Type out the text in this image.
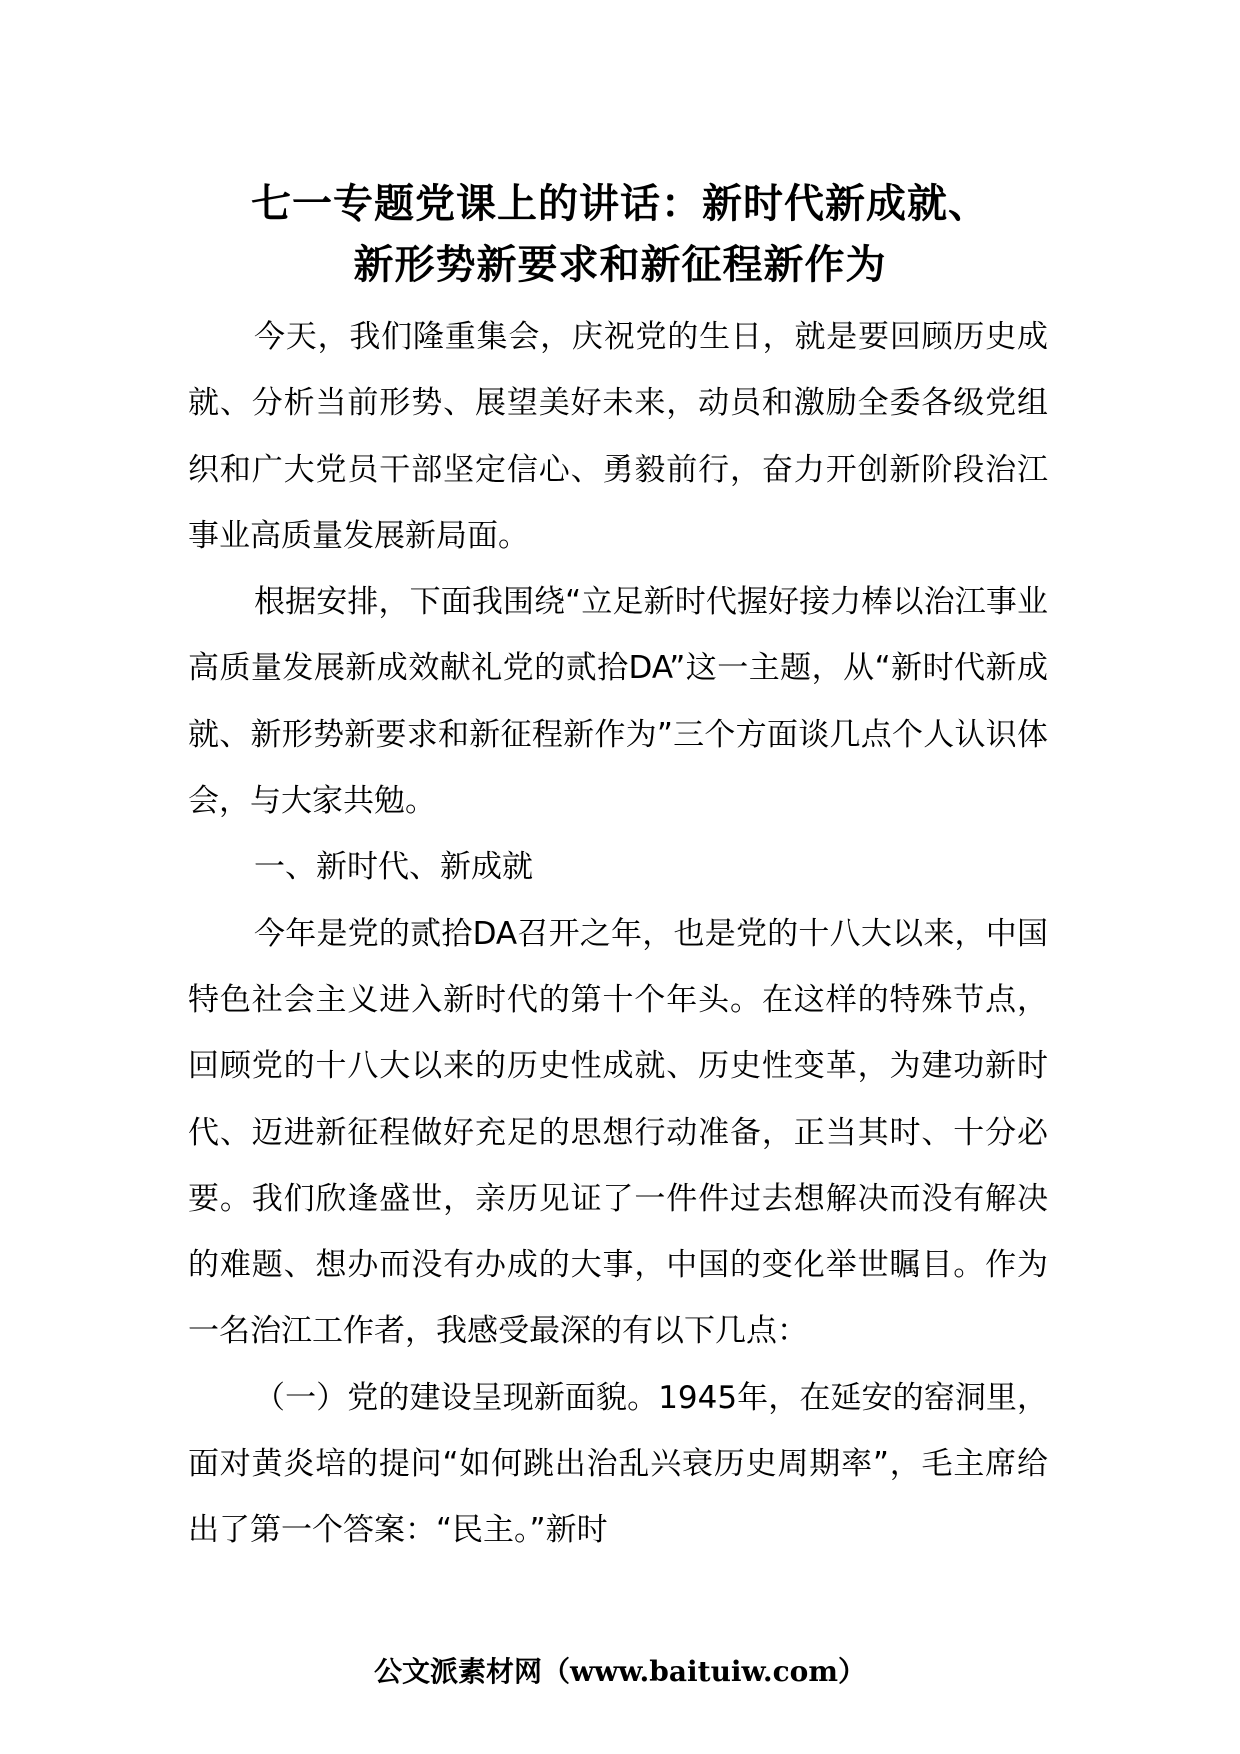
七一专题党课上的讲话：新时代新成就、
新形势新要求和新征程新作为

今天，我们隆重集会，庆祝党的生日，就是要回顾历史成就、分析当前形势、展望美好未来，动员和激励全委各级党组织和广大党员干部坚定信心、勇毅前行，奋力开创新阶段治江事业高质量发展新局面。

根据安排，下面我围绕“立足新时代握好接力棒以治江事业高质量发展新成效献礼党的贰拾DA”这一主题，从“新时代新成就、新形势新要求和新征程新作为”三个方面谈几点个人认识体会，与大家共勉。

一、新时代、新成就

今年是党的贰拾DA召开之年，也是党的十八大以来，中国特色社会主义进入新时代的第十个年头。在这样的特殊节点，回顾党的十八大以来的历史性成就、历史性变革，为建功新时代、迈进新征程做好充足的思想行动准备，正当其时、十分必要。我们欣逢盛世，亲历见证了一件件过去想解决而没有解决的难题、想办而没有办成的大事，中国的变化举世瞩目。作为一名治江工作者，我感受最深的有以下几点：

（一）党的建设呈现新面貌。1945年，在延安的窑洞里，面对黄炎培的提问“如何跳出治乱兴衰历史周期率”，毛主席给出了第一个答案：“民主。”新时

公文派素材网（www.baituiw.com）
